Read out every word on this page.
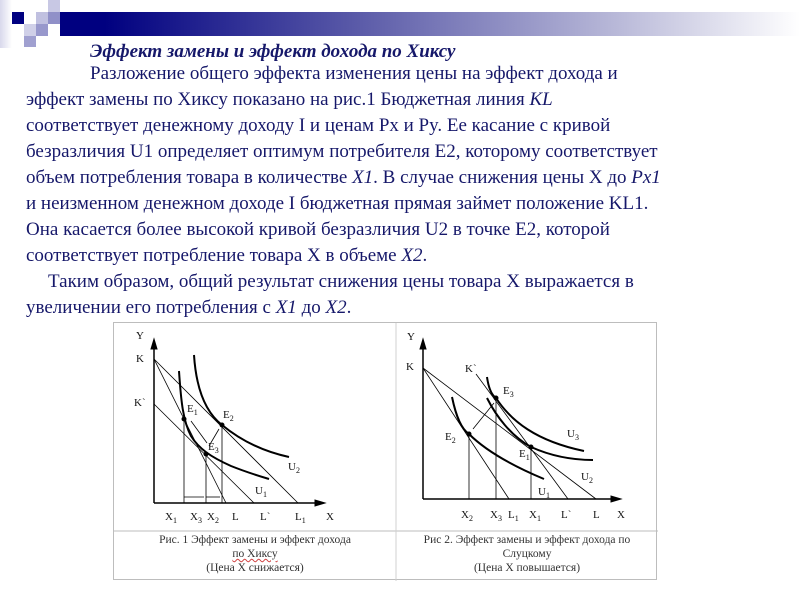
Эффект замены и эффект дохода по Хиксу
Разложение общего эффекта изменения цены на эффект дохода и
эффект замены по Хиксу показано на рис.1 Бюджетная линия KL
соответствует денежному доходу I и ценам Px и Py. Ее касание с кривой
безразличия U1 определяет оптимум потребителя E2, которому соответствует
объем потребления товара в количестве X1. В случае снижения цены X до Px1
и неизменном денежном доходе I бюджетная прямая займет положение KL1.
Она касается более высокой кривой безразличия U2 в точке E2, которой
соответствует потребление товара X в объеме X2.
Таким образом, общий результат снижения цены товара X выражается в
увеличении его потребления с X1 до X2.
Y
K
K`	$E_1$ $E_2$
$E_3$
$U_2$
$U_1$
$X_1$ $X_3$ $X_2$ L L` $L_1$ X
Y
K	K`
$E_3$
$E_2$
$E_1$
$U_3$
$U_2$
$U_1$
$X_2$ $X_3$ $L_1$ $X_1$ L` L X
Рис. 1 Эффект замены и эффект дохода
по Хиксу
(Цена X снижается)
Рис 2. Эффект замены и эффект дохода по
Слуцкому
(Цена X повышается)
